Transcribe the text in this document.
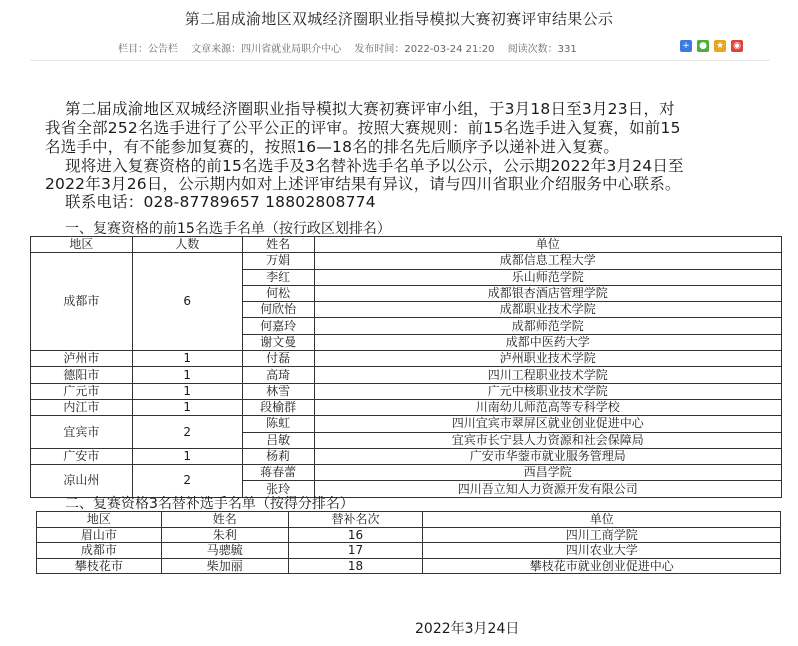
第二届成渝地区双城经济圈职业指导模拟大赛初赛评审结果公示
栏目：公告栏 文章来源：四川省就业局职介中心 发布时间：2022-03-24 21:20 阅读次数：331	+ ● ★ ◉
第二届成渝地区双城经济圈职业指导模拟大赛初赛评审小组，于3月18日至3月23日，对
我省全部252名选手进行了公平公正的评审。按照大赛规则：前15名选手进入复赛，如前15
名选手中，有不能参加复赛的，按照16—18名的排名先后顺序予以递补进入复赛。
现将进入复赛资格的前15名选手及3名替补选手名单予以公示，公示期2022年3月24日至
2022年3月26日，公示期内如对上述评审结果有异议，请与四川省职业介绍服务中心联系。
联系电话：028-87789657 18802808774
一、复赛资格的前15名选手名单（按行政区划排名）
地区	人数	姓名	单位
成都市	6	万娟	成都信息工程大学
		李红	乐山师范学院
		何松	成都银杏酒店管理学院
		何欣怡	成都职业技术学院
		何嘉玲	成都师范学院
		谢文曼	成都中医药大学
泸州市	1	付磊	泸州职业技术学院
德阳市	1	高琦	四川工程职业技术学院
广元市	1	林雪	广元中核职业技术学院
内江市	1	段榆群	川南幼儿师范高等专科学校
宜宾市	2	陈虹	四川宜宾市翠屏区就业创业促进中心
		吕敏	宜宾市长宁县人力资源和社会保障局
广安市	1	杨莉	广安市华蓥市就业服务管理局
凉山州	2	蒋春蕾	西昌学院
		张玲	四川吾立知人力资源开发有限公司
二、复赛资格3名替补选手名单（按得分排名）
地区	姓名	替补名次	单位
眉山市	朱利	16	四川工商学院
成都市	马骢毓	17	四川农业大学
攀枝花市	柴加丽	18	攀枝花市就业创业促进中心
2022年3月24日
